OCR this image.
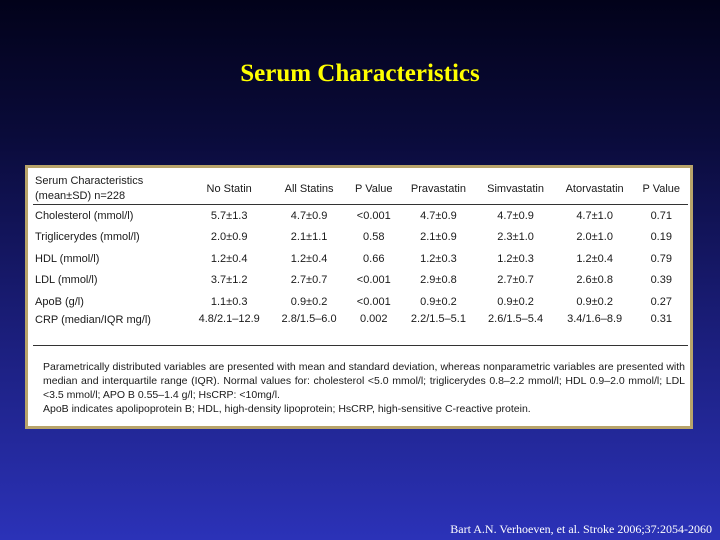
Serum Characteristics
Serum Characteristics
(mean±SD) n=228	No Statin	All Statins	P Value	Pravastatin	Simvastatin	Atorvastatin	P Value
Cholesterol (mmol/l)	5.7±1.3	4.7±0.9	<0.001	4.7±0.9	4.7±0.9	4.7±1.0	0.71
Triglicerydes (mmol/l)	2.0±0.9	2.1±1.1	0.58	2.1±0.9	2.3±1.0	2.0±1.0	0.19
HDL (mmol/l)	1.2±0.4	1.2±0.4	0.66	1.2±0.3	1.2±0.3	1.2±0.4	0.79
LDL (mmol/l)	3.7±1.2	2.7±0.7	<0.001	2.9±0.8	2.7±0.7	2.6±0.8	0.39
ApoB (g/l)	1.1±0.3	0.9±0.2	<0.001	0.9±0.2	0.9±0.2	0.9±0.2	0.27
CRP (median/IQR mg/l)	4.8/2.1–12.9	2.8/1.5–6.0	0.002	2.2/1.5–5.1	2.6/1.5–5.4	3.4/1.6–8.9	0.31

Parametrically distributed variables are presented with mean and standard deviation, whereas nonparametric variables are presented with median and interquartile range (IQR). Normal values for: cholesterol <5.0 mmol/l; triglicerydes 0.8–2.2 mmol/l; HDL 0.9–2.0 mmol/l; LDL <3.5 mmol/l; APO B 0.55–1.4 g/l; HsCRP: <10mg/l.

ApoB indicates apolipoprotein B; HDL, high-density lipoprotein; HsCRP, high-sensitive C-reactive protein.

Bart A.N. Verhoeven, et al. Stroke 2006;37:2054-2060
